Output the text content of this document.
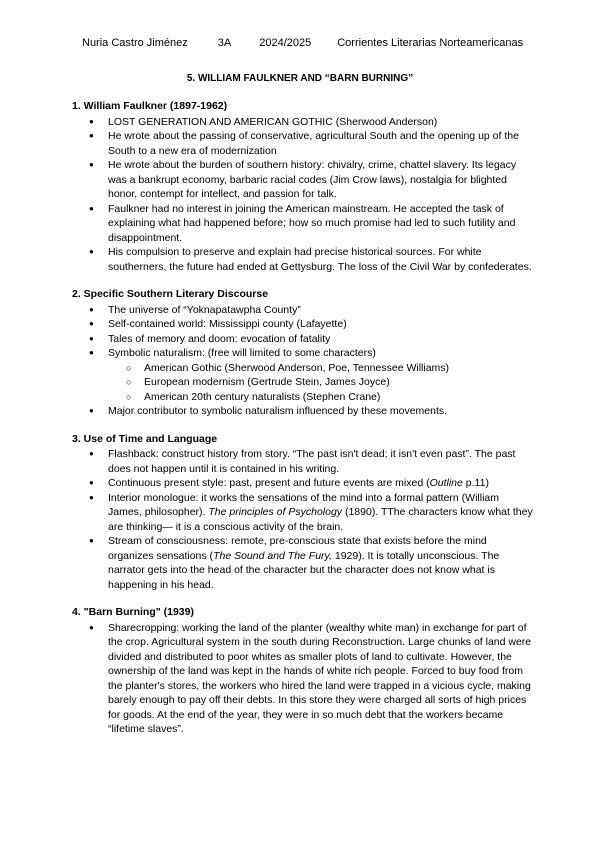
Nuria Castro Jiménez	3A	2024/2025 Corrientes Literarias Norteamericanas
5. WILLIAM FAULKNER AND “BARN BURNING”
1. William Faulkner (1897-1962)
● LOST GENERATION AND AMERICAN GOTHIC (Sherwood Anderson)
● He wrote about the passing of conservative, agricultural South and the opening up of the South to a new era of modernization
● He wrote about the burden of southern history: chivalry, crime, chattel slavery. Its legacy was a bankrupt economy, barbaric racial codes (Jim Crow laws), nostalgia for blighted honor, contempt for intellect, and passion for talk.
● Faulkner had no interest in joining the American mainstream. He accepted the task of explaining what had happened before; how so much promise had led to such futility and disappointment.
● His compulsion to preserve and explain had precise historical sources. For white southerners, the future had ended at Gettysburg. The loss of the Civil War by confederates.
2. Specific Southern Literary Discourse
● The universe of “Yoknapatawpha County”
● Self-contained world: Mississippi county (Lafayette)
● Tales of memory and doom: evocation of fatality
● Symbolic naturalism: (free will limited to some characters)
○ American Gothic (Sherwood Anderson, Poe, Tennessee Williams)
○ European modernism (Gertrude Stein, James Joyce)
○ American 20th century naturalists (Stephen Crane)
● Major contributor to symbolic naturalism influenced by these movements.
3. Use of Time and Language
● Flashback: construct history from story. “The past isn't dead; it isn't even past”. The past does not happen until it is contained in his writing.
● Continuous present style: past, present and future events are mixed (Outline p.11)
● Interior monologue: it works the sensations of the mind into a formal pattern (William James, philosopher). The principles of Psychology (1890). TThe characters know what they are thinking— it is a conscious activity of the brain.
● Stream of consciousness: remote, pre-conscious state that exists before the mind organizes sensations (The Sound and The Fury, 1929). It is totally unconscious. The narrator gets into the head of the character but the character does not know what is happening in his head.
4. "Barn Burning" (1939)
● Sharecropping: working the land of the planter (wealthy white man) in exchange for part of the crop. Agricultural system in the south during Reconstruction. Large chunks of land were divided and distributed to poor whites as smaller plots of land to cultivate. However, the ownership of the land was kept in the hands of white rich people. Forced to buy food from the planter's stores, the workers who hired the land were trapped in a vicious cycle, making barely enough to pay off their debts. In this store they were charged all sorts of high prices for goods. At the end of the year, they were in so much debt that the workers became “lifetime slaves”.
